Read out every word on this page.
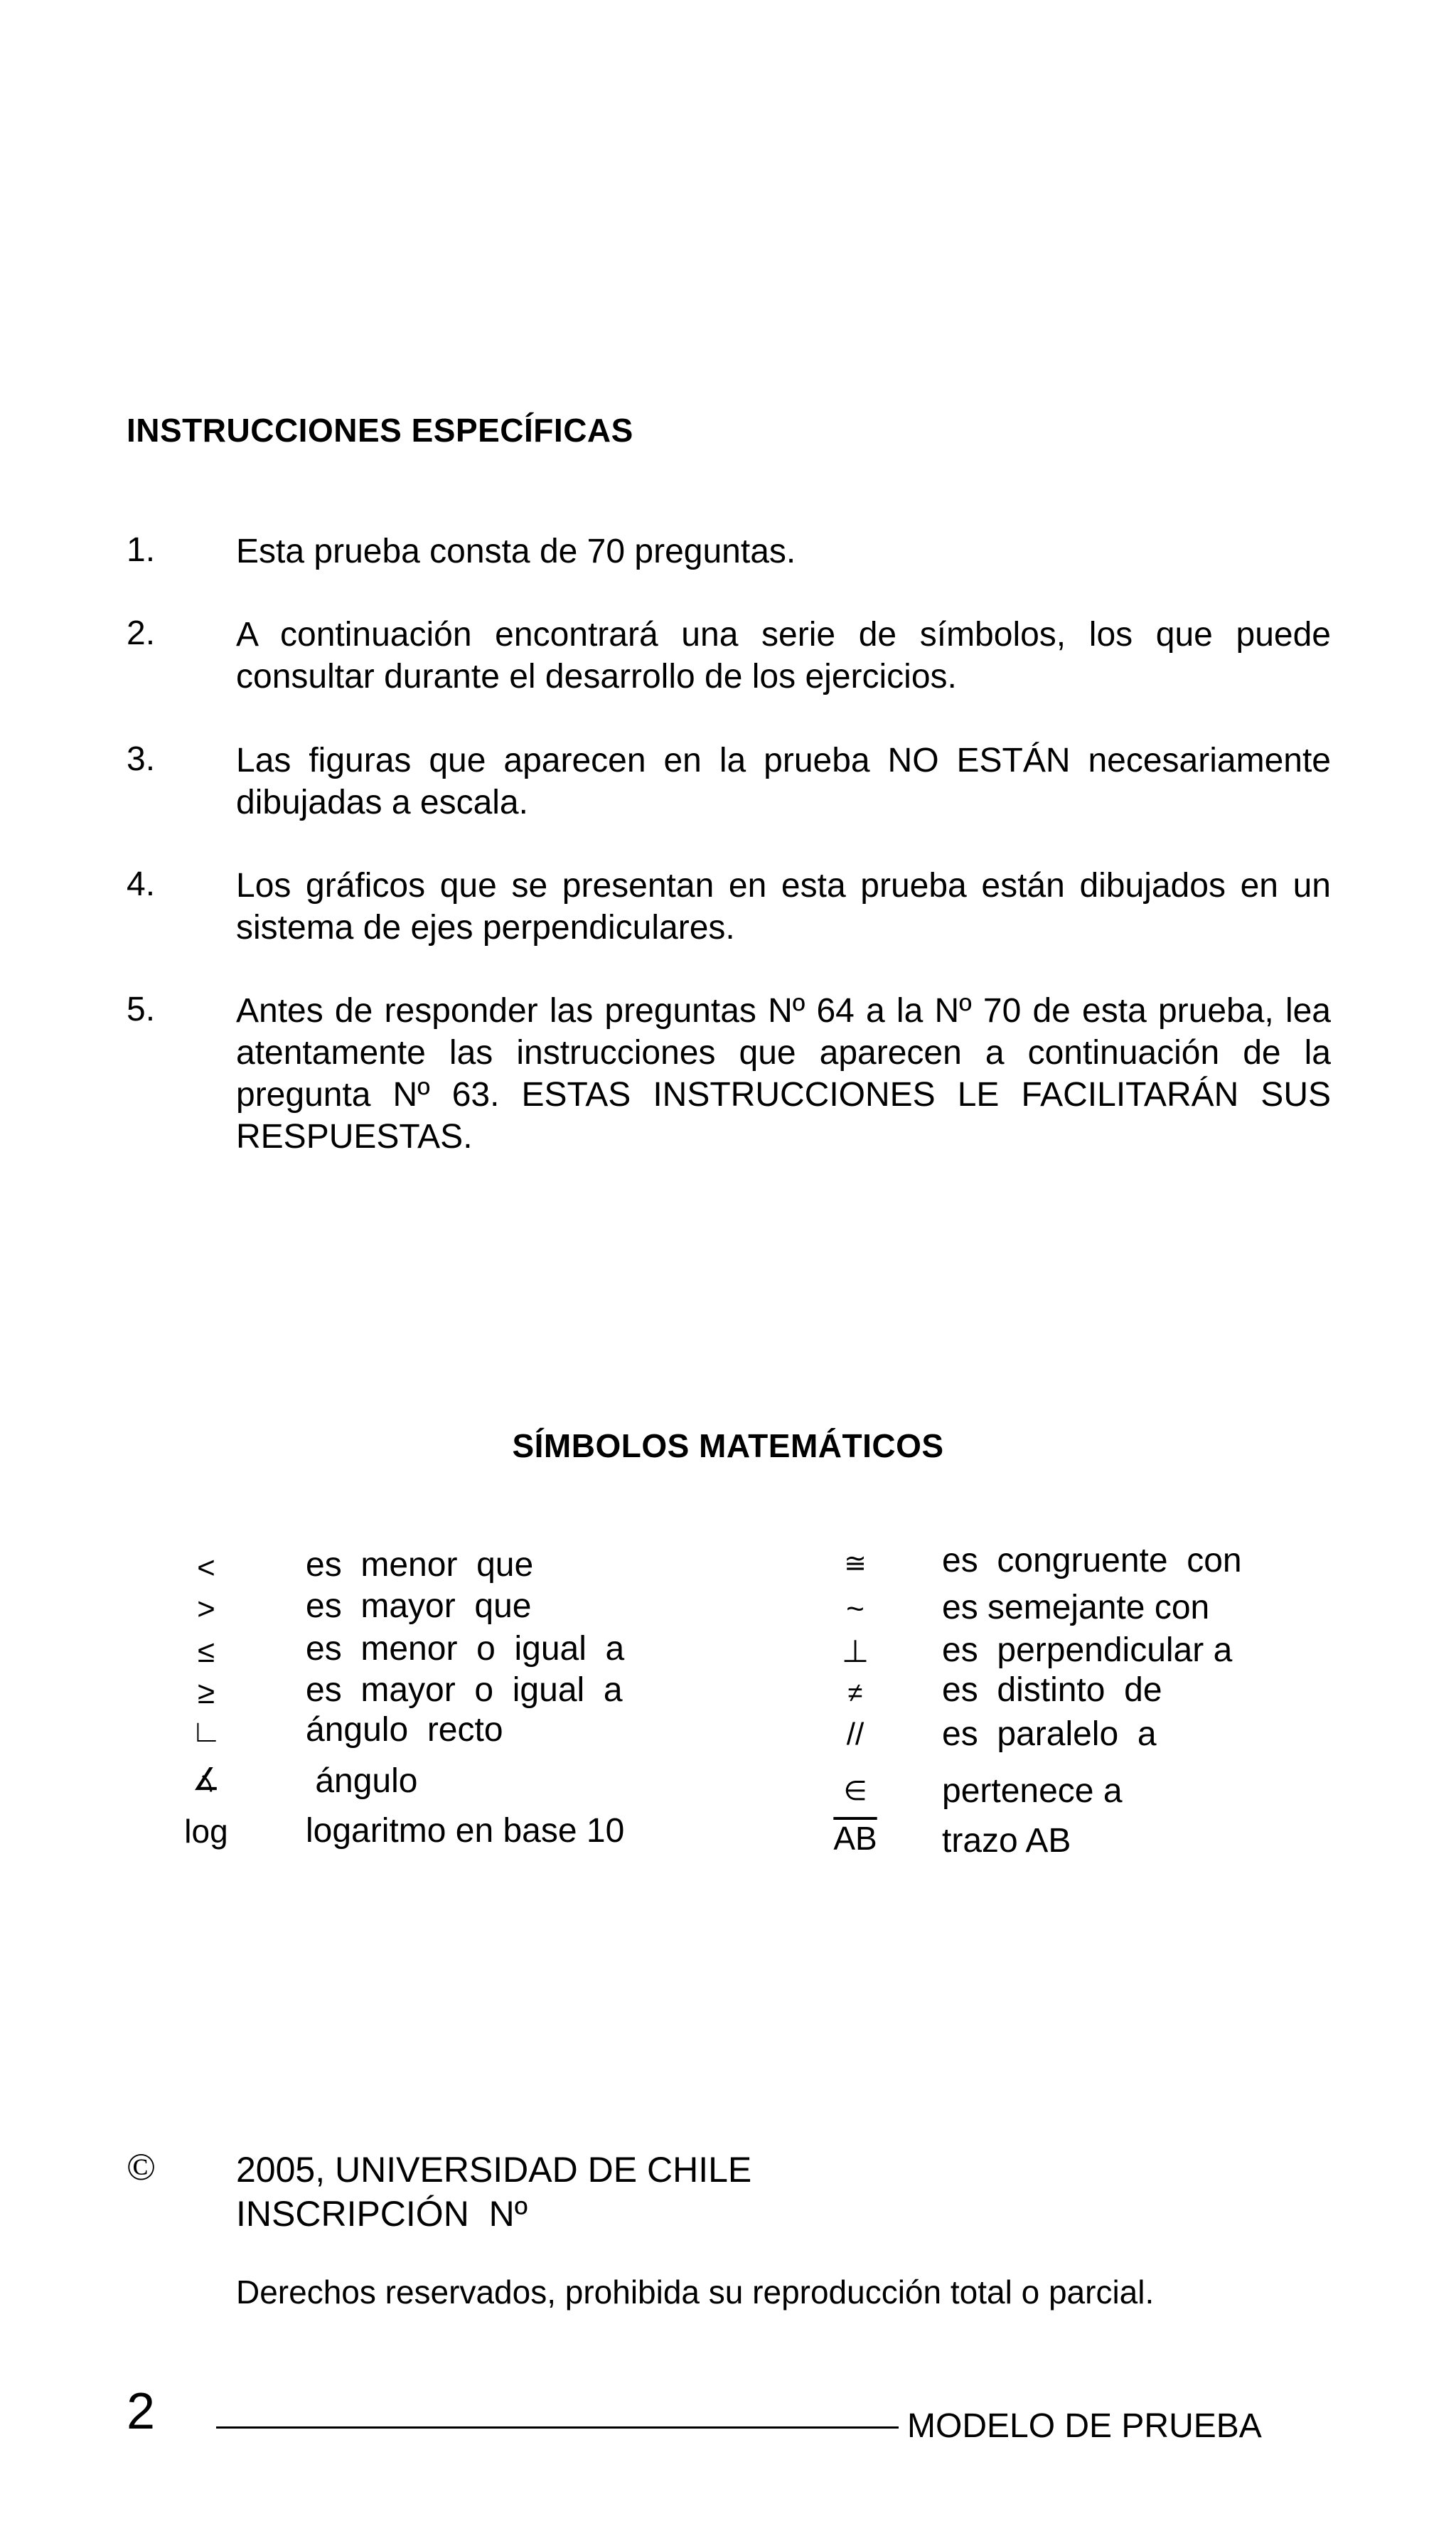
INSTRUCCIONES ESPECÍFICAS
1. Esta prueba consta de 70 preguntas.
2. A continuación encontrará una serie de símbolos, los que puede consultar durante el desarrollo de los ejercicios.
3. Las figuras que aparecen en la prueba NO ESTÁN necesariamente dibujadas a escala.
4. Los gráficos que se presentan en esta prueba están dibujados en un sistema de ejes perpendiculares.
5. Antes de responder las preguntas Nº 64 a la Nº 70 de esta prueba, lea atentamente las instrucciones que aparecen a continuación de la pregunta Nº 63. ESTAS INSTRUCCIONES LE FACILITARÁN SUS RESPUESTAS.
SÍMBOLOS MATEMÁTICOS
<	es  menor  que
>	es  mayor  que
≤	es  menor  o  igual  a
≥	es  mayor  o  igual  a
∟	ángulo  recto
∡	ángulo
log	logaritmo en base 10
≅	es  congruente  con
~	es semejante con
⊥	es  perpendicular a
≠	es  distinto  de
//	es  paralelo  a
∈	pertenece a
$\overline{AB}$	trazo AB
© 2005, UNIVERSIDAD DE CHILE
INSCRIPCIÓN  Nº
Derechos reservados, prohibida su reproducción total o parcial.
2	MODELO DE PRUEBA
